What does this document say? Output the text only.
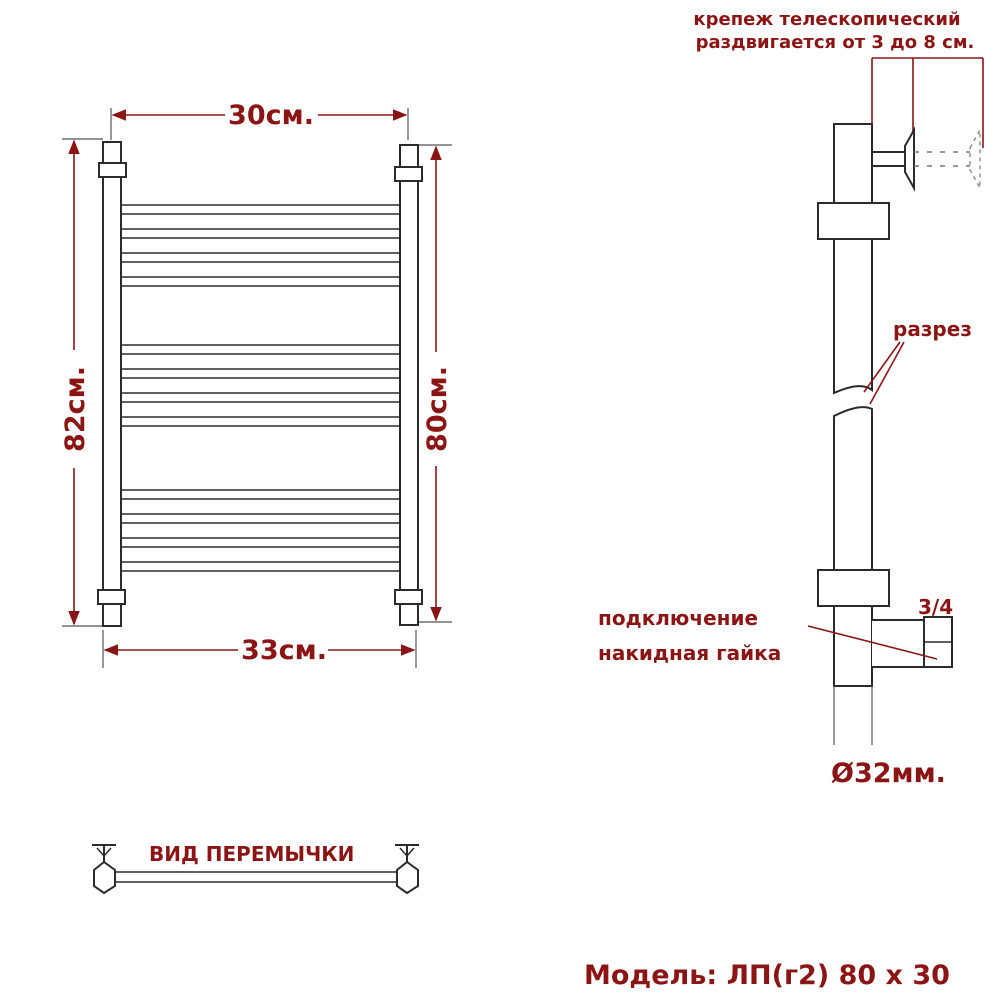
30см.
33см.
82см.	80см.
крепеж телескопический
раздвигается от 3 до 8 см.
разрез
3/4
подключение
накидная гайка
Ø32мм.
ВИД ПЕРЕМЫЧКИ
Модель: ЛП(г2) 80 х 30
